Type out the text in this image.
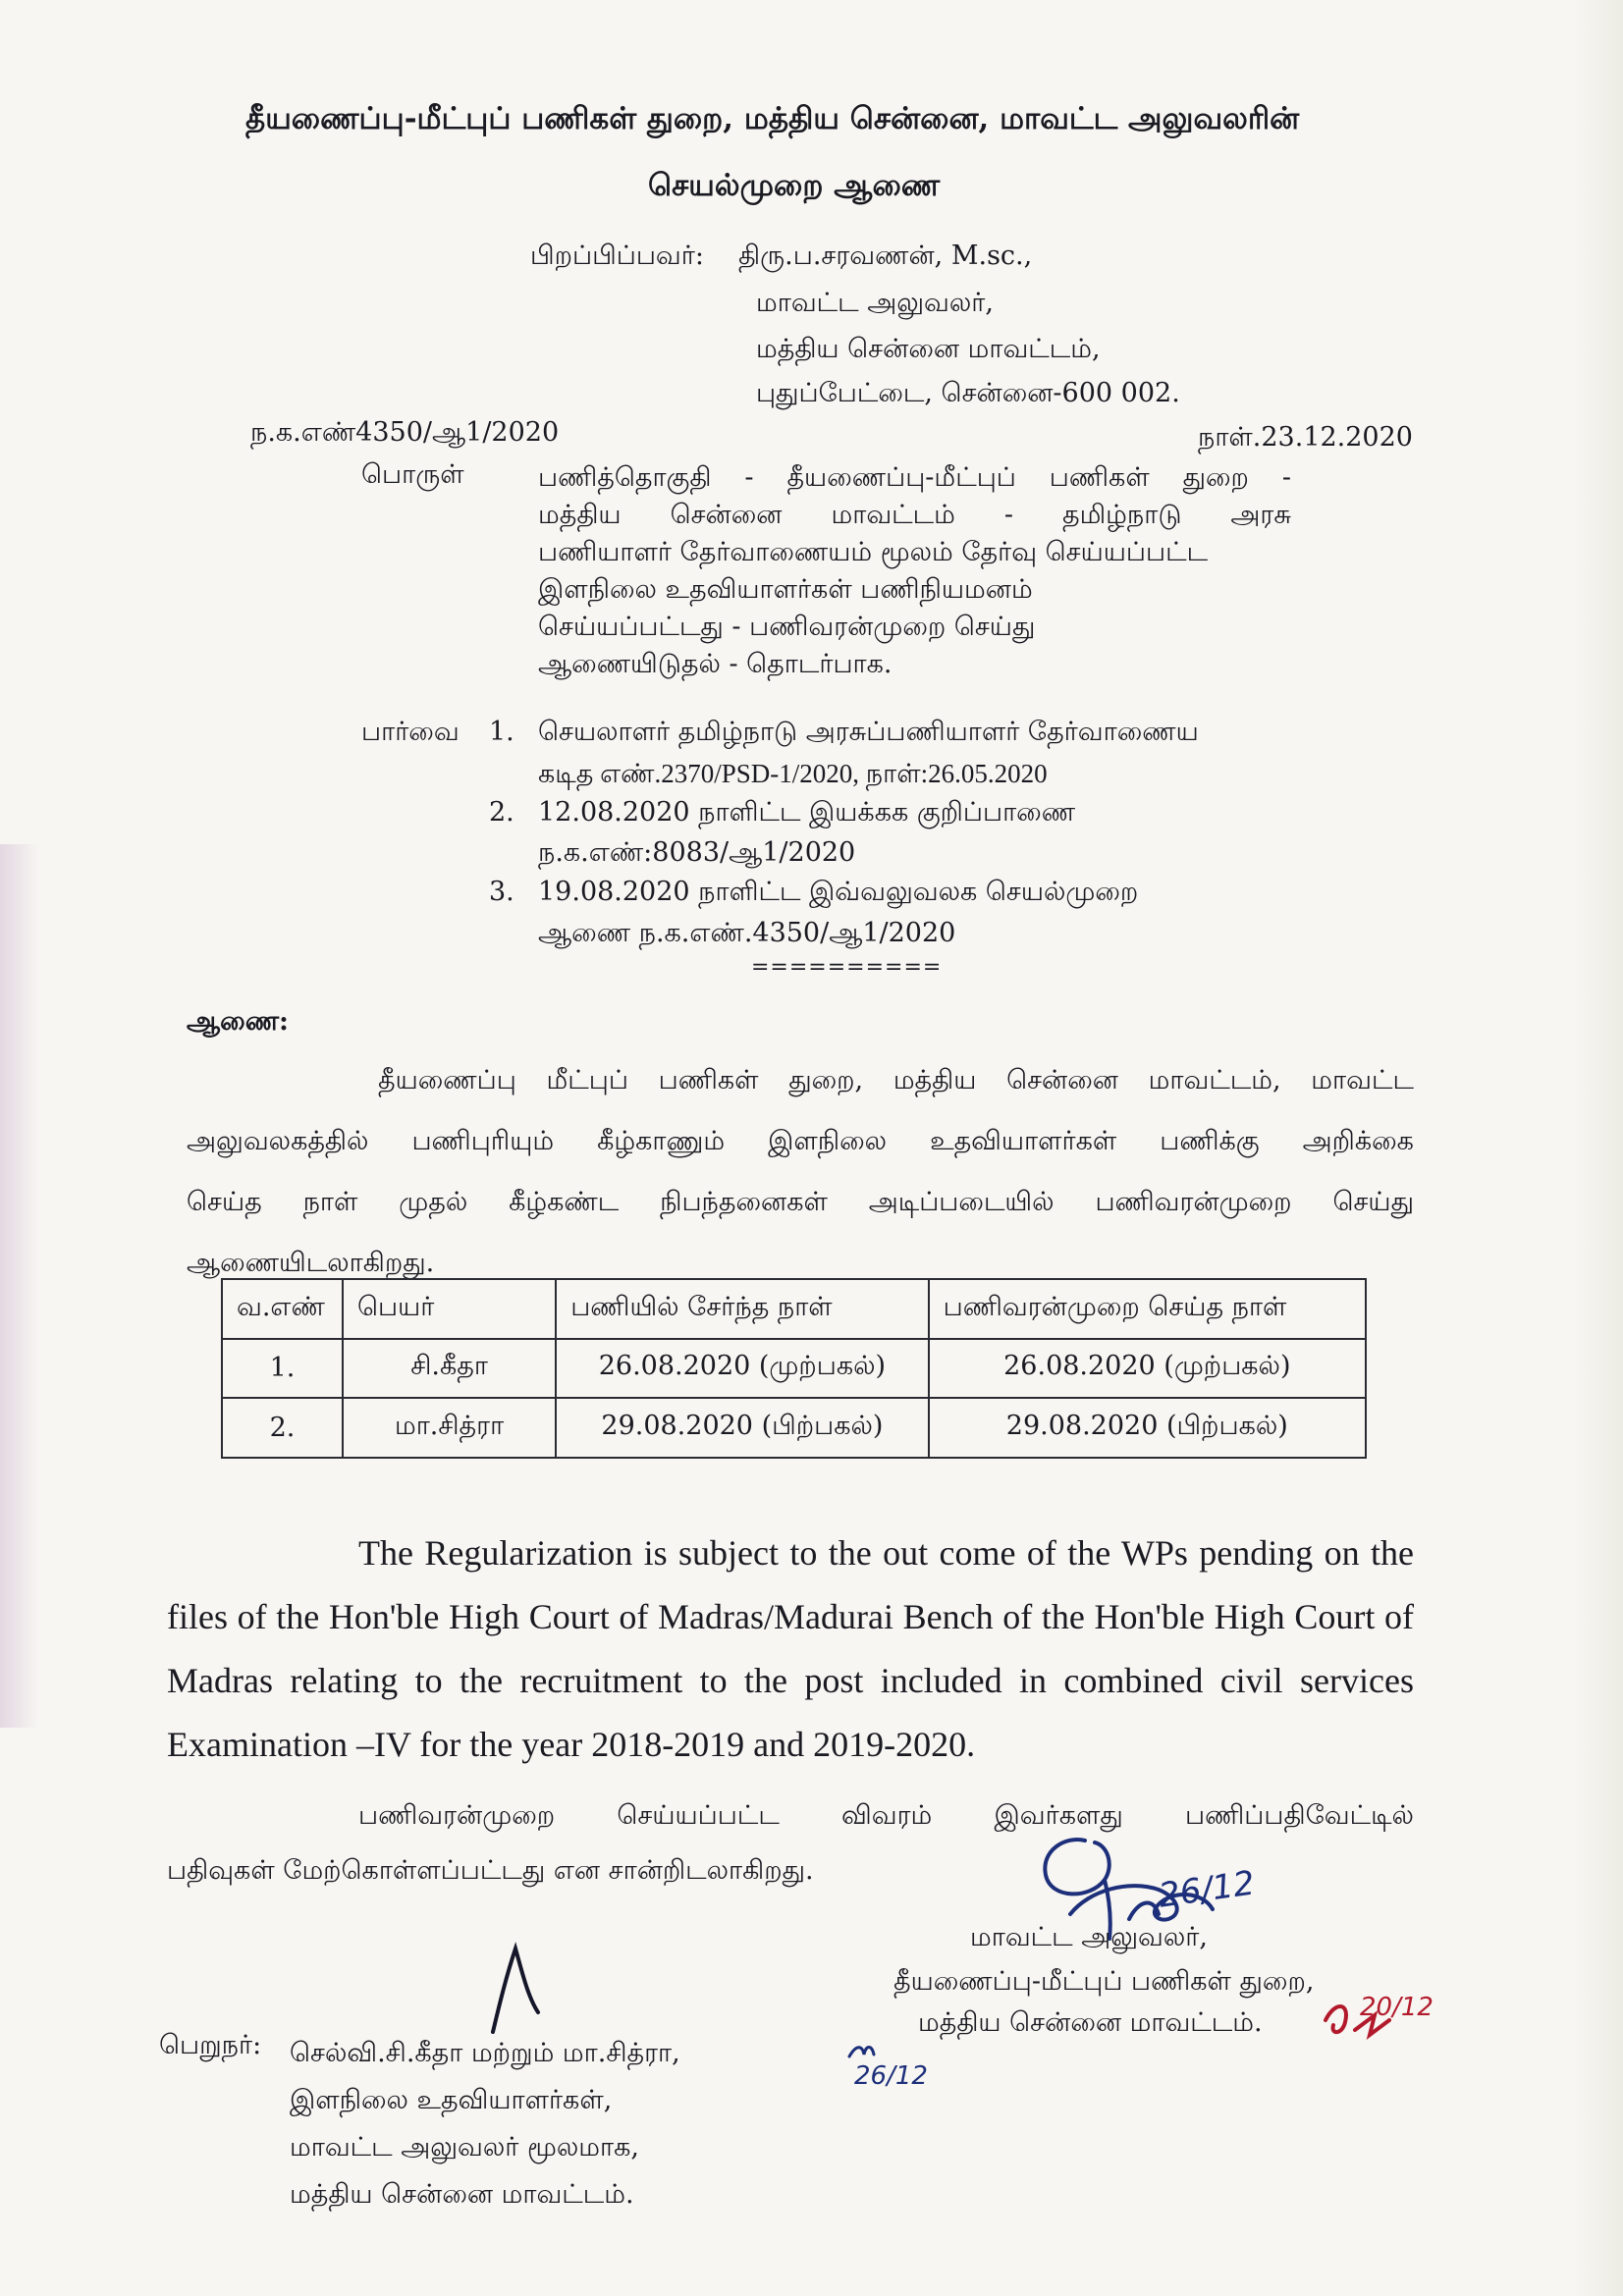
தீயணைப்பு-மீட்புப் பணிகள் துறை, மத்திய சென்னை, மாவட்ட அலுவலரின்
செயல்முறை ஆணை
பிறப்பிப்பவர்: திரு.ப.சரவணன், M.sc.,
மாவட்ட அலுவலர்,
மத்திய சென்னை மாவட்டம்,
புதுப்பேட்டை, சென்னை-600 002.
ந.க.எண்4350/ஆ1/2020	நாள்.23.12.2020
பொருள்	பணித்தொகுதி - தீயணைப்பு-மீட்புப் பணிகள் துறை -
மத்திய சென்னை மாவட்டம் - தமிழ்நாடு அரசு
பணியாளர் தேர்வாணையம் மூலம் தேர்வு செய்யப்பட்ட
இளநிலை உதவியாளர்கள் பணிநியமனம்
செய்யப்பட்டது - பணிவரன்முறை செய்து
ஆணையிடுதல் - தொடர்பாக.
பார்வை 1. செயலாளர் தமிழ்நாடு அரசுப்பணியாளர் தேர்வாணைய
கடித எண்.2370/PSD-1/2020, நாள்:26.05.2020
2. 12.08.2020 நாளிட்ட இயக்கக குறிப்பாணை
ந.க.எண்:8083/ஆ1/2020
3. 19.08.2020 நாளிட்ட இவ்வலுவலக செயல்முறை
ஆணை ந.க.எண்.4350/ஆ1/2020
==========
ஆணை:
தீயணைப்பு மீட்புப் பணிகள் துறை, மத்திய சென்னை மாவட்டம், மாவட்ட
அலுவலகத்தில் பணிபுரியும் கீழ்காணும் இளநிலை உதவியாளர்கள் பணிக்கு அறிக்கை
செய்த நாள் முதல் கீழ்கண்ட நிபந்தனைகள் அடிப்படையில் பணிவரன்முறை செய்து
ஆணையிடலாகிறது.
வ.எண்	பெயர்	பணியில் சேர்ந்த நாள்	பணிவரன்முறை செய்த நாள்
1.	சி.கீதா	26.08.2020 (முற்பகல்)	26.08.2020 (முற்பகல்)
2.	மா.சித்ரா	29.08.2020 (பிற்பகல்)	29.08.2020 (பிற்பகல்)
The Regularization is subject to the out come of the WPs pending on the files of the Hon'ble High Court of Madras/Madurai Bench of the Hon'ble High Court of Madras relating to the recruitment to the post included in combined civil services Examination –IV for the year 2018-2019 and 2019-2020.
பணிவரன்முறை செய்யப்பட்ட விவரம் இவர்களது பணிப்பதிவேட்டில்
பதிவுகள் மேற்கொள்ளப்பட்டது என சான்றிடலாகிறது.	26/12
மாவட்ட அலுவலர்,
தீயணைப்பு-மீட்புப் பணிகள் துறை,
மத்திய சென்னை மாவட்டம்.	20/12
26/12
பெறுநர்: செல்வி.சி.கீதா மற்றும் மா.சித்ரா,
இளநிலை உதவியாளர்கள்,
மாவட்ட அலுவலர் மூலமாக,
மத்திய சென்னை மாவட்டம்.
